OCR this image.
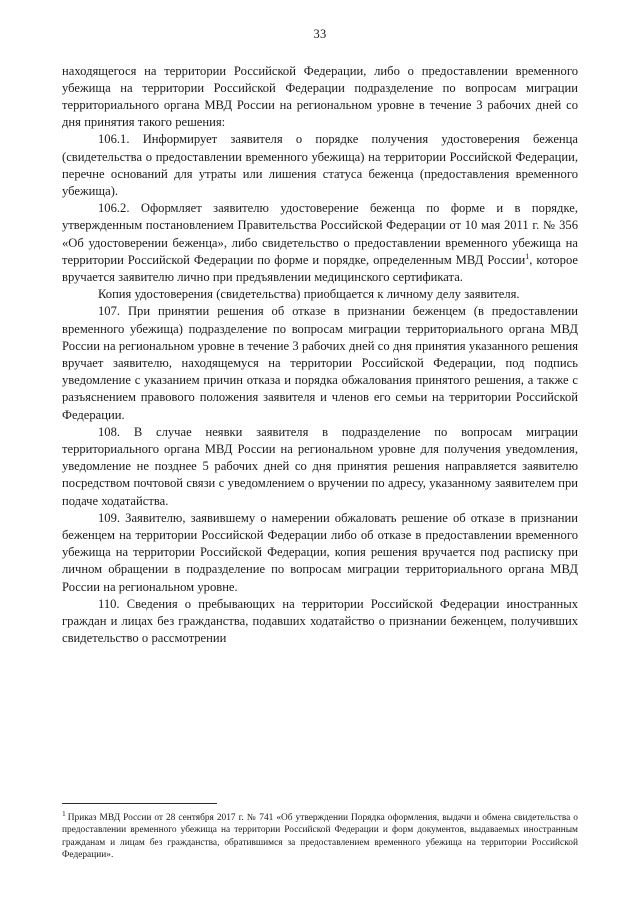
33

находящегося на территории Российской Федерации, либо о предоставлении временного убежища на территории Российской Федерации подразделение по вопросам миграции территориального органа МВД России на региональном уровне в течение 3 рабочих дней со дня принятия такого решения:

106.1. Информирует заявителя о порядке получения удостоверения беженца (свидетельства о предоставлении временного убежища) на территории Российской Федерации, перечне оснований для утраты или лишения статуса беженца (предоставления временного убежища).

106.2. Оформляет заявителю удостоверение беженца по форме и в порядке, утвержденным постановлением Правительства Российской Федерации от 10 мая 2011 г. № 356 «Об удостоверении беженца», либо свидетельство о предоставлении временного убежища на территории Российской Федерации по форме и порядке, определенным МВД России$^1$, которое вручается заявителю лично при предъявлении медицинского сертификата.

Копия удостоверения (свидетельства) приобщается к личному делу заявителя.

107. При принятии решения об отказе в признании беженцем (в предоставлении временного убежища) подразделение по вопросам миграции территориального органа МВД России на региональном уровне в течение 3 рабочих дней со дня принятия указанного решения вручает заявителю, находящемуся на территории Российской Федерации, под подпись уведомление с указанием причин отказа и порядка обжалования принятого решения, а также с разъяснением правового положения заявителя и членов его семьи на территории Российской Федерации.

108. В случае неявки заявителя в подразделение по вопросам миграции территориального органа МВД России на региональном уровне для получения уведомления, уведомление не позднее 5 рабочих дней со дня принятия решения направляется заявителю посредством почтовой связи с уведомлением о вручении по адресу, указанному заявителем при подаче ходатайства.

109. Заявителю, заявившему о намерении обжаловать решение об отказе в признании беженцем на территории Российской Федерации либо об отказе в предоставлении временного убежища на территории Российской Федерации, копия решения вручается под расписку при личном обращении в подразделение по вопросам миграции территориального органа МВД России на региональном уровне.

110. Сведения о пребывающих на территории Российской Федерации иностранных граждан и лицах без гражданства, подавших ходатайство о признании беженцем, получивших свидетельство о рассмотрении

$^1$ Приказ МВД России от 28 сентября 2017 г. № 741 «Об утверждении Порядка оформления, выдачи и обмена свидетельства о предоставлении временного убежища на территории Российской Федерации и форм документов, выдаваемых иностранным гражданам и лицам без гражданства, обратившимся за предоставлением временного убежища на территории Российской Федерации».
